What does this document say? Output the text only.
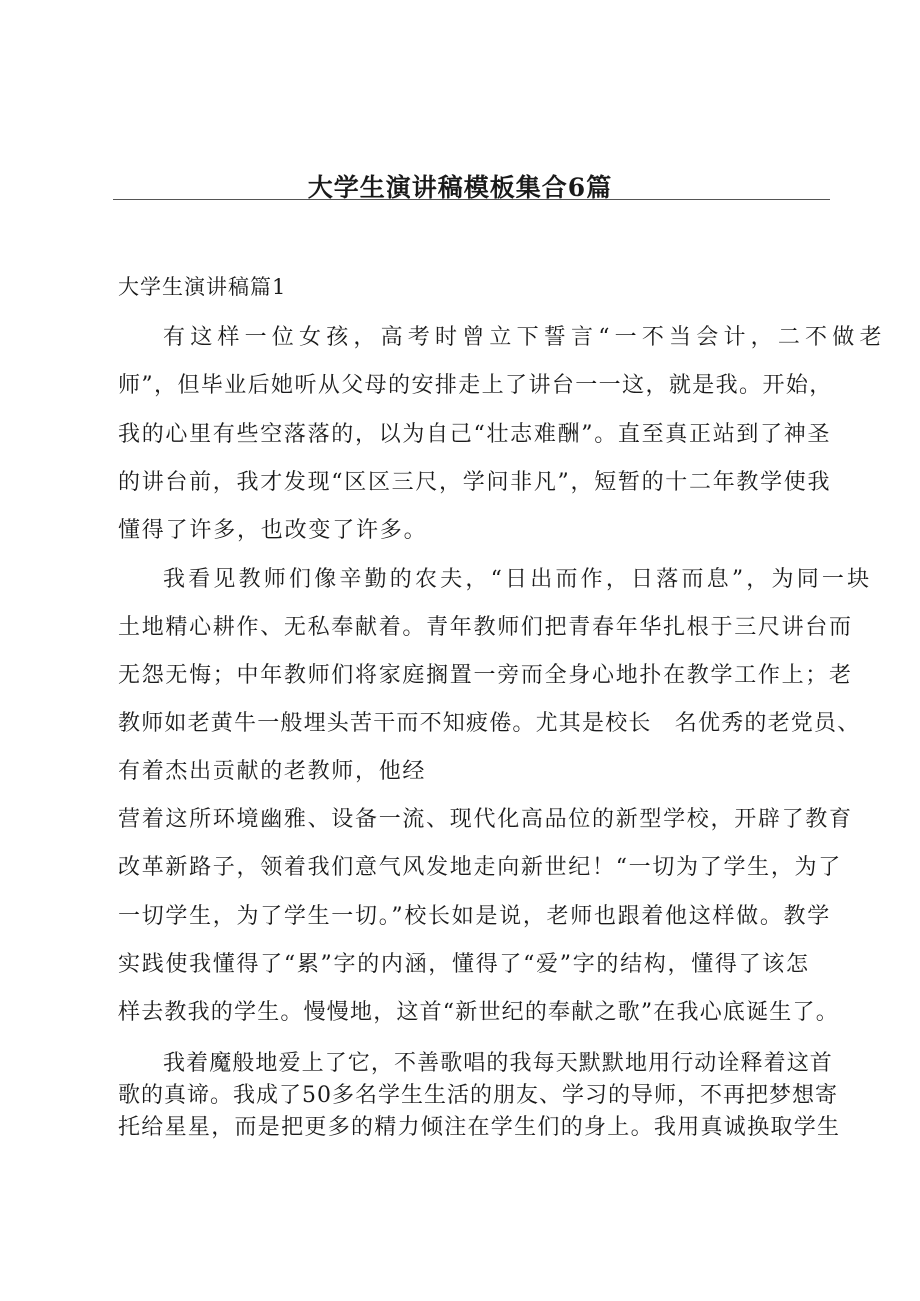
大学生演讲稿模板集合6篇
大学生演讲稿篇1
有这样一位女孩，高考时曾立下誓言“一不当会计，二不做老
师”，但毕业后她听从父母的安排走上了讲台一一这，就是我。开始，
我的心里有些空落落的，以为自己“壮志难酬”。直至真正站到了神圣
的讲台前，我才发现“区区三尺，学问非凡”，短暂的十二年教学使我
懂得了许多，也改变了许多。
我看见教师们像辛勤的农夫，“日出而作，日落而息”，为同一块
土地精心耕作、无私奉献着。青年教师们把青春年华扎根于三尺讲台而
无怨无悔；中年教师们将家庭搁置一旁而全身心地扑在教学工作上；老
教师如老黄牛一般埋头苦干而不知疲倦。尤其是校长　名优秀的老党员、
有着杰出贡献的老教师，他经
营着这所环境幽雅、设备一流、现代化高品位的新型学校，开辟了教育
改革新路子，领着我们意气风发地走向新世纪！“一切为了学生，为了
一切学生，为了学生一切。”校长如是说，老师也跟着他这样做。教学
实践使我懂得了“累”字的内涵，懂得了“爱”字的结构，懂得了该怎
样去教我的学生。慢慢地，这首“新世纪的奉献之歌”在我心底诞生了。
我着魔般地爱上了它，不善歌唱的我每天默默地用行动诠释着这首
歌的真谛。我成了50多名学生生活的朋友、学习的导师，不再把梦想寄
托给星星，而是把更多的精力倾注在学生们的身上。我用真诚换取学生
